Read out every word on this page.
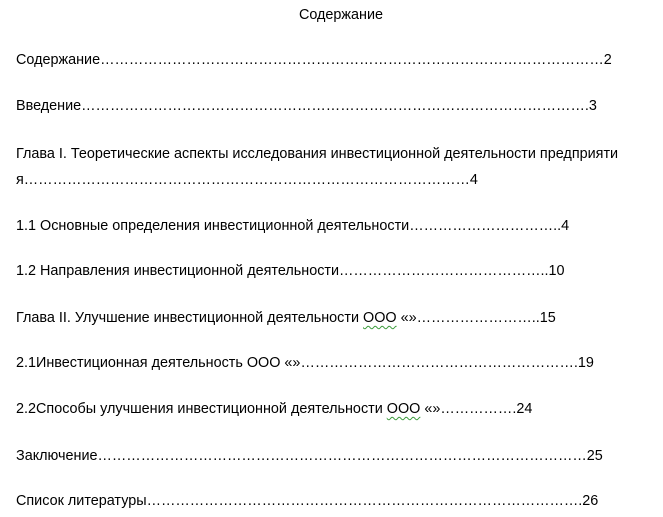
Содержание
Содержание……………………………………………………………………………………………2
Введение…………………………………………………………………………………………….3
Глава I. Теоретические аспекты исследования инвестиционной деятельности предприяти
я…………………………………………………………………………………4
1.1 Основные определения инвестиционной деятельности…………………………..4
1.2 Направления инвестиционной деятельности……………………………………..10
Глава II. Улучшение инвестиционной деятельности ООО «»……………………..15
2.1Инвестиционная деятельность ООО «»………………………………………………….19
2.2Способы улучшения инвестиционной деятельности ООО «»…………….24
Заключение…………………………………………………………………………………………25
Список литературы……………………………………………………………………………….26
